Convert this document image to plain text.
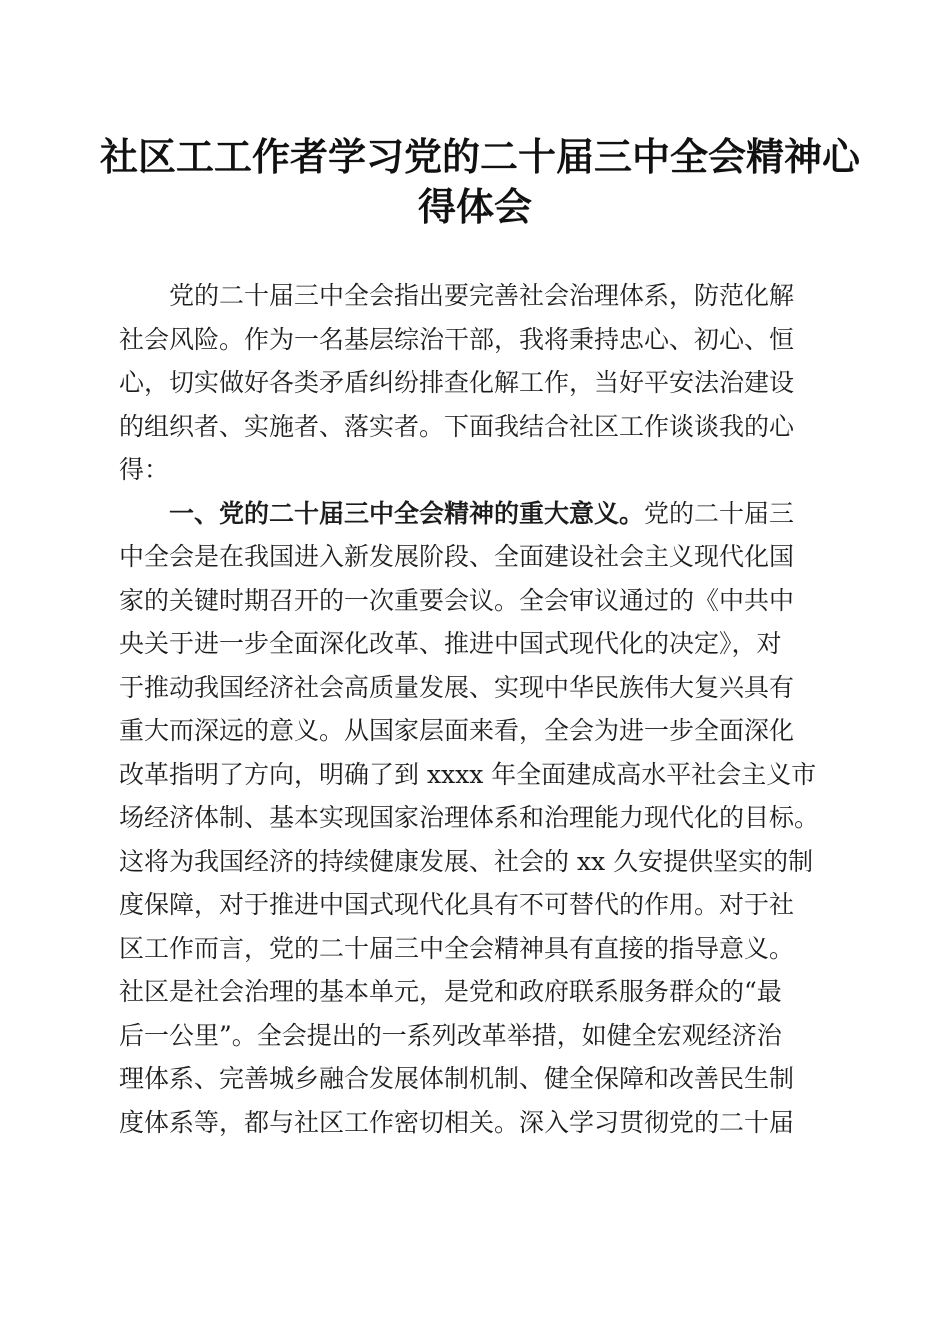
社区工工作者学习党的二十届三中全会精神心
得体会
党的二十届三中全会指出要完善社会治理体系，防范化解
社会风险。作为一名基层综治干部，我将秉持忠心、初心、恒
心，切实做好各类矛盾纠纷排查化解工作，当好平安法治建设
的组织者、实施者、落实者。下面我结合社区工作谈谈我的心
得：
一、党的二十届三中全会精神的重大意义。党的二十届三
中全会是在我国进入新发展阶段、全面建设社会主义现代化国
家的关键时期召开的一次重要会议。全会审议通过的《中共中
央关于进一步全面深化改革、推进中国式现代化的决定》，对
于推动我国经济社会高质量发展、实现中华民族伟大复兴具有
重大而深远的意义。从国家层面来看，全会为进一步全面深化
改革指明了方向，明确了到 xxxx 年全面建成高水平社会主义市
场经济体制、基本实现国家治理体系和治理能力现代化的目标。
这将为我国经济的持续健康发展、社会的 xx 久安提供坚实的制
度保障，对于推进中国式现代化具有不可替代的作用。对于社
区工作而言，党的二十届三中全会精神具有直接的指导意义。
社区是社会治理的基本单元，是党和政府联系服务群众的“最
后一公里”。全会提出的一系列改革举措，如健全宏观经济治
理体系、完善城乡融合发展体制机制、健全保障和改善民生制
度体系等，都与社区工作密切相关。深入学习贯彻党的二十届
